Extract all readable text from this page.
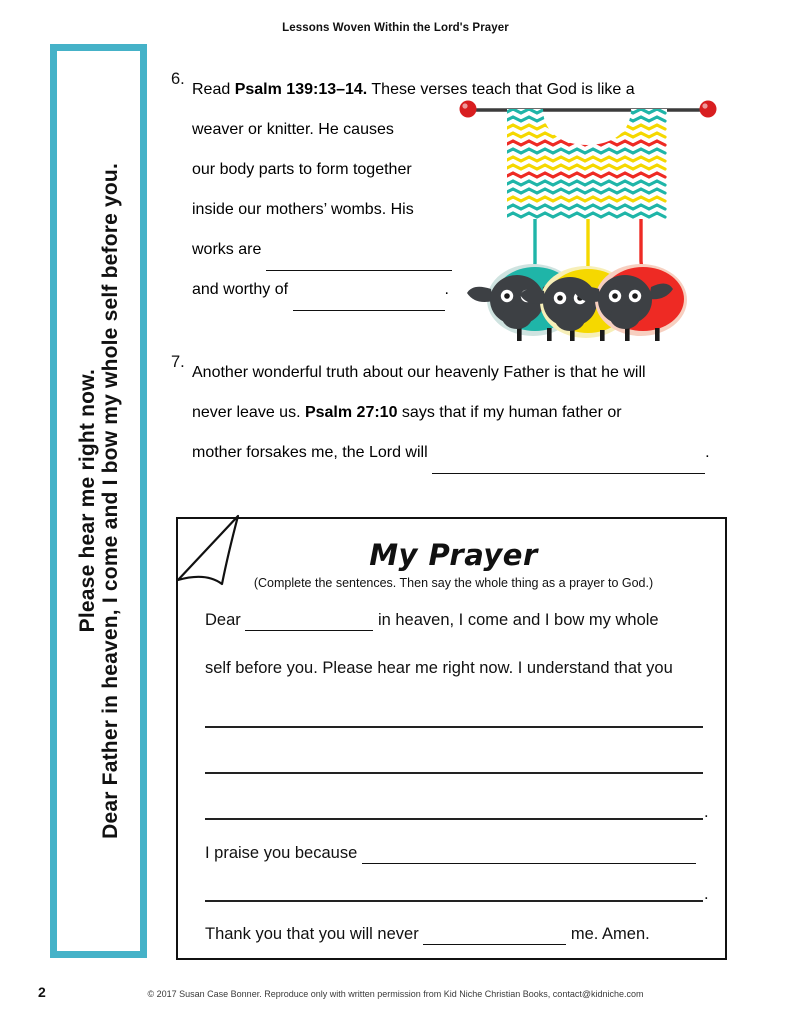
Lessons Woven Within the Lord's Prayer
Dear Father in heaven, I come and I bow my whole self before you.
Please hear me right now.
6.
Read Psalm 139:13–14. These verses teach that God is like a
weaver or knitter. He causes
our body parts to form together
inside our mothers’ wombs. His
works are
and worthy of	.
7.
Another wonderful truth about our heavenly Father is that he will
never leave us. Psalm 27:10 says that if my human father or
mother forsakes me, the Lord will	.
My Prayer
(Complete the sentences. Then say the whole thing as a prayer to God.)
Dear	in heaven, I come and I bow my whole
self before you. Please hear me right now. I understand that you
.
I praise you because
.
Thank you that you will never	me. Amen.
2	© 2017 Susan Case Bonner. Reproduce only with written permission from Kid Niche Christian Books, contact@kidniche.com
